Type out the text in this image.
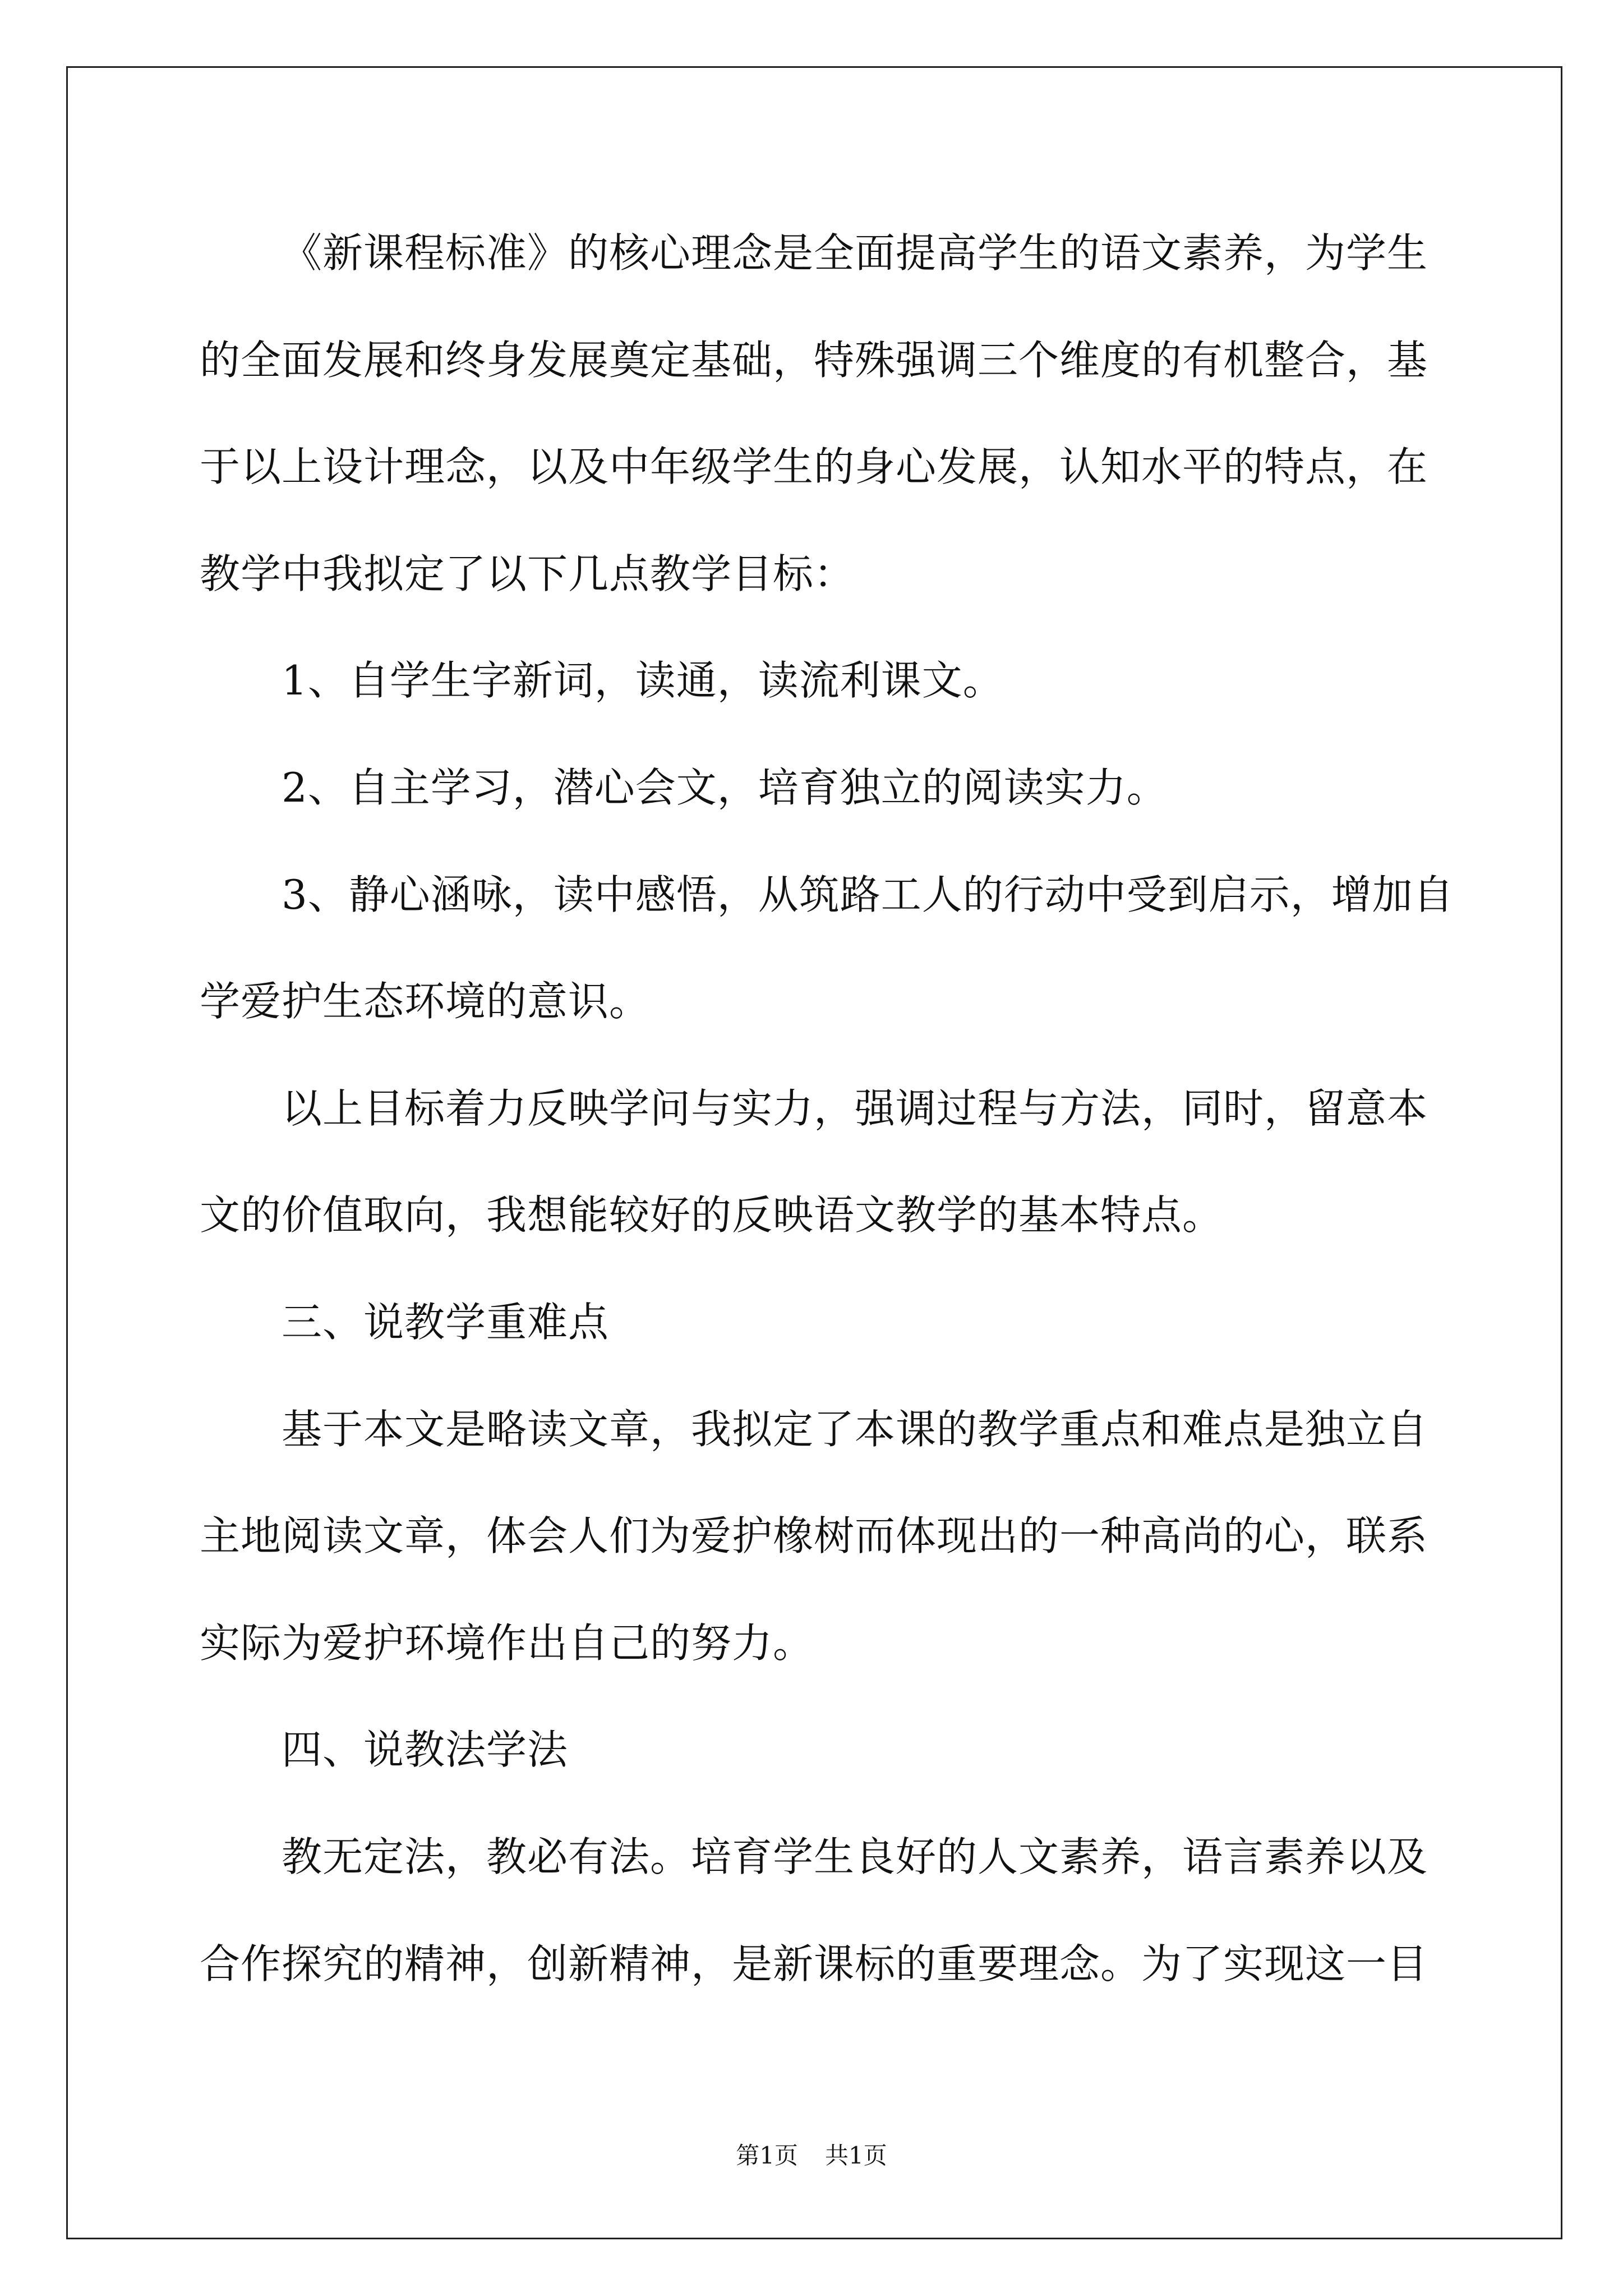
《新课程标准》的核心理念是全面提高学生的语文素养，为学生
的全面发展和终身发展奠定基础，特殊强调三个维度的有机整合，基
于以上设计理念，以及中年级学生的身心发展，认知水平的特点，在
教学中我拟定了以下几点教学目标：
1、自学生字新词，读通，读流利课文。
2、自主学习，潜心会文，培育独立的阅读实力。
3、静心涵咏，读中感悟，从筑路工人的行动中受到启示，增加自
学爱护生态环境的意识。
以上目标着力反映学问与实力，强调过程与方法，同时，留意本
文的价值取向，我想能较好的反映语文教学的基本特点。
三、说教学重难点
基于本文是略读文章，我拟定了本课的教学重点和难点是独立自
主地阅读文章，体会人们为爱护橡树而体现出的一种高尚的心，联系
实际为爱护环境作出自己的努力。
四、说教法学法
教无定法，教必有法。培育学生良好的人文素养，语言素养以及
合作探究的精神，创新精神，是新课标的重要理念。为了实现这一目
第1页 共1页
